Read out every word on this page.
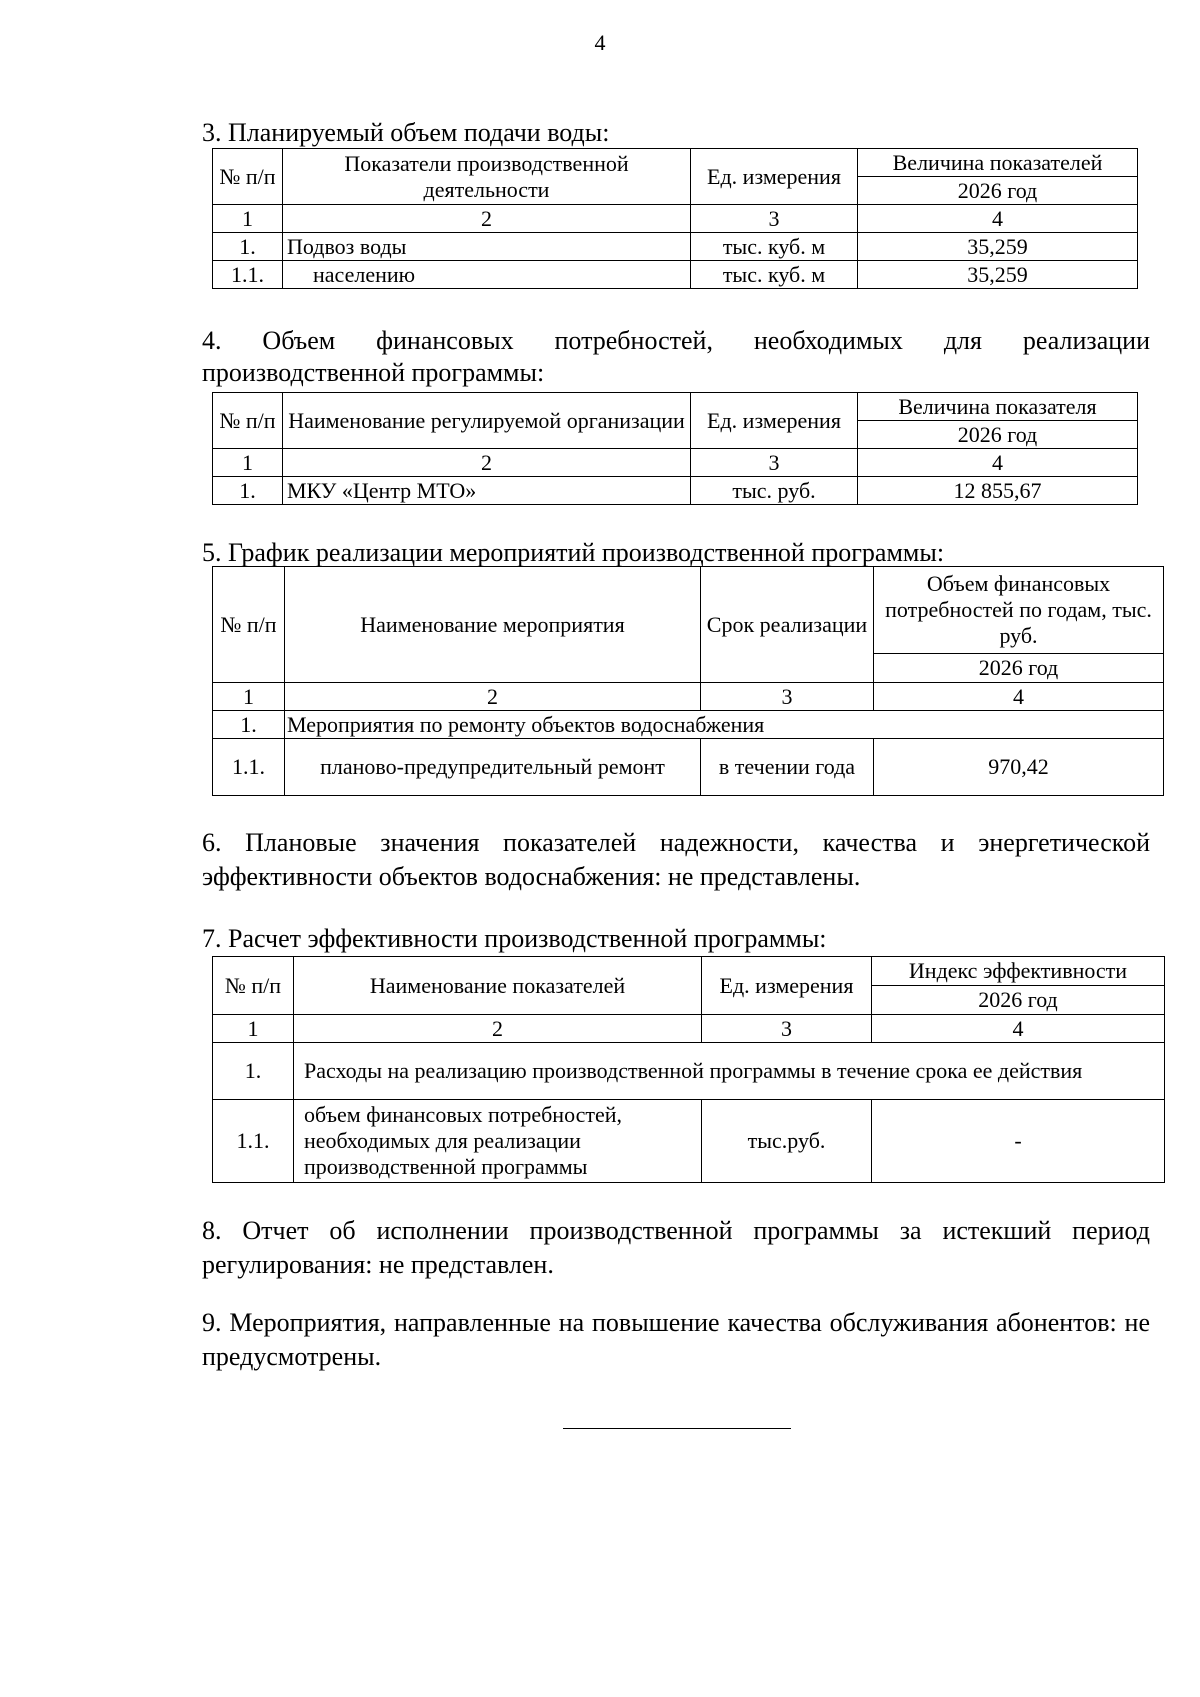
4
3. Планируемый объем подачи воды:
№ п/п	Показатели производственной деятельности	Ед. измерения	Величина показателей
			2026 год
1	2	3	4
1.	Подвоз воды	тыс. куб. м	35,259
1.1.	населению	тыс. куб. м	35,259
4. Объем финансовых потребностей, необходимых для реализации производственной программы:
№ п/п	Наименование регулируемой организации	Ед. измерения	Величина показателя
			2026 год
1	2	3	4
1.	МКУ «Центр МТО»	тыс. руб.	12 855,67
5. График реализации мероприятий производственной программы:
№ п/п	Наименование мероприятия	Срок реализации	Объем финансовых потребностей по годам, тыс. руб.
			2026 год
1	2	3	4
1.	Мероприятия по ремонту объектов водоснабжения		
1.1.	планово-предупредительный ремонт	в течении года	970,42
6. Плановые значения показателей надежности, качества и энергетической эффективности объектов водоснабжения: не представлены.
7. Расчет эффективности производственной программы:
№ п/п	Наименование показателей	Ед. измерения	Индекс эффективности
			2026 год
1	2	3	4
1.	Расходы на реализацию производственной программы в течение срока ее действия		
1.1.	объем финансовых потребностей, необходимых для реализации производственной программы	тыс.руб.	-
8. Отчет об исполнении производственной программы за истекший период регулирования: не представлен.
9. Мероприятия, направленные на повышение качества обслуживания абонентов: не предусмотрены.
